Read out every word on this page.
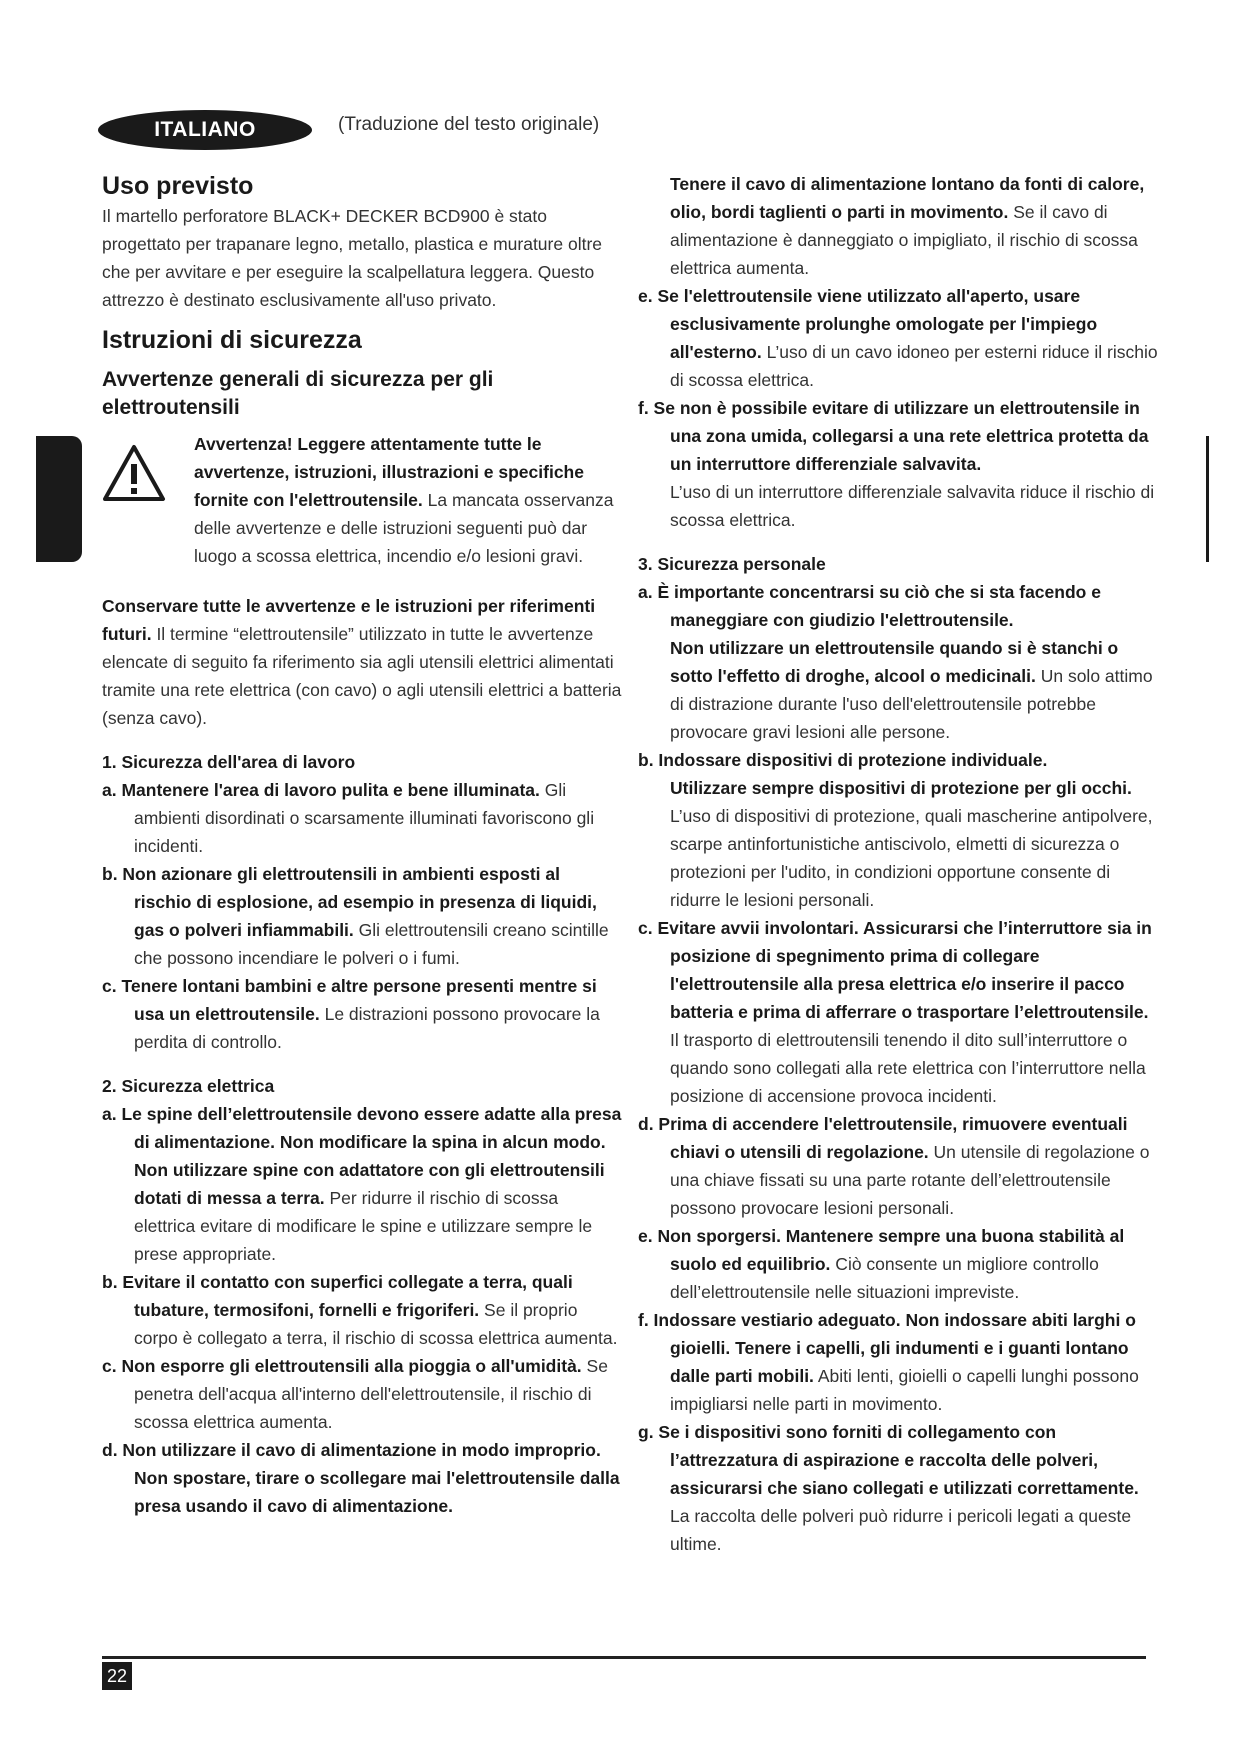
ITALIANO	(Traduzione del testo originale)
Uso previsto

Il martello perforatore BLACK+ DECKER BCD900 è stato progettato per trapanare legno, metallo, plastica e murature oltre che per avvitare e per eseguire la scalpellatura leggera. Questo attrezzo è destinato esclusivamente all'uso privato.

Istruzioni di sicurezza
Avvertenze generali di sicurezza per gli elettroutensili

Avvertenza! Leggere attentamente tutte le avvertenze, istruzioni, illustrazioni e specifiche fornite con l'elettroutensile. La mancata osservanza delle avvertenze e delle istruzioni seguenti può dar luogo a scossa elettrica, incendio e/o lesioni gravi.

Conservare tutte le avvertenze e le istruzioni per riferimenti futuri. Il termine “elettroutensile” utilizzato in tutte le avvertenze elencate di seguito fa riferimento sia agli utensili elettrici alimentati tramite una rete elettrica (con cavo) o agli utensili elettrici a batteria (senza cavo).

1. Sicurezza dell'area di lavoro

a. Mantenere l'area di lavoro pulita e bene illuminata. Gli ambienti disordinati o scarsamente illuminati favoriscono gli incidenti.

b. Non azionare gli elettroutensili in ambienti esposti al rischio di esplosione, ad esempio in presenza di liquidi, gas o polveri infiammabili. Gli elettroutensili creano scintille che possono incendiare le polveri o i fumi.

c. Tenere lontani bambini e altre persone presenti mentre si usa un elettroutensile. Le distrazioni possono provocare la perdita di controllo.

2. Sicurezza elettrica

a. Le spine dell’elettroutensile devono essere adatte alla presa di alimentazione. Non modificare la spina in alcun modo.

Non utilizzare spine con adattatore con gli elettroutensili dotati di messa a terra. Per ridurre il rischio di scossa elettrica evitare di modificare le spine e utilizzare sempre le prese appropriate.

b. Evitare il contatto con superfici collegate a terra, quali tubature, termosifoni, fornelli e frigoriferi. Se il proprio corpo è collegato a terra, il rischio di scossa elettrica aumenta.

c. Non esporre gli elettroutensili alla pioggia o all'umidità. Se penetra dell'acqua all'interno dell'elettroutensile, il rischio di scossa elettrica aumenta.

d. Non utilizzare il cavo di alimentazione in modo improprio. Non spostare, tirare o scollegare mai l'elettroutensile dalla presa usando il cavo di alimentazione.

Tenere il cavo di alimentazione lontano da fonti di calore, olio, bordi taglienti o parti in movimento. Se il cavo di alimentazione è danneggiato o impigliato, il rischio di scossa elettrica aumenta.

e. Se l'elettroutensile viene utilizzato all'aperto, usare esclusivamente prolunghe omologate per l'impiego all'esterno. L’uso di un cavo idoneo per esterni riduce il rischio di scossa elettrica.

f. Se non è possibile evitare di utilizzare un elettroutensile in una zona umida, collegarsi a una rete elettrica protetta da un interruttore differenziale salvavita.

L’uso di un interruttore differenziale salvavita riduce il rischio di scossa elettrica.

3. Sicurezza personale

a. È importante concentrarsi su ciò che si sta facendo e maneggiare con giudizio l'elettroutensile.

Non utilizzare un elettroutensile quando si è stanchi o sotto l'effetto di droghe, alcool o medicinali. Un solo attimo di distrazione durante l'uso dell'elettroutensile potrebbe provocare gravi lesioni alle persone.

b. Indossare dispositivi di protezione individuale.

Utilizzare sempre dispositivi di protezione per gli occhi. L’uso di dispositivi di protezione, quali mascherine antipolvere, scarpe antinfortunistiche antiscivolo, elmetti di sicurezza o protezioni per l'udito, in condizioni opportune consente di ridurre le lesioni personali.

c. Evitare avvii involontari. Assicurarsi che l’interruttore sia in posizione di spegnimento prima di collegare l'elettroutensile alla presa elettrica e/o inserire il pacco batteria e prima di afferrare o trasportare l’elettroutensile. Il trasporto di elettroutensili tenendo il dito sull’interruttore o quando sono collegati alla rete elettrica con l’interruttore nella posizione di accensione provoca incidenti.

d. Prima di accendere l'elettroutensile, rimuovere eventuali chiavi o utensili di regolazione. Un utensile di regolazione o una chiave fissati su una parte rotante dell’elettroutensile possono provocare lesioni personali.

e. Non sporgersi. Mantenere sempre una buona stabilità al suolo ed equilibrio. Ciò consente un migliore controllo dell’elettroutensile nelle situazioni impreviste.

f. Indossare vestiario adeguato. Non indossare abiti larghi o gioielli. Tenere i capelli, gli indumenti e i guanti lontano dalle parti mobili. Abiti lenti, gioielli o capelli lunghi possono impigliarsi nelle parti in movimento.

g. Se i dispositivi sono forniti di collegamento con l’attrezzatura di aspirazione e raccolta delle polveri, assicurarsi che siano collegati e utilizzati correttamente.

La raccolta delle polveri può ridurre i pericoli legati a queste ultime.

22
